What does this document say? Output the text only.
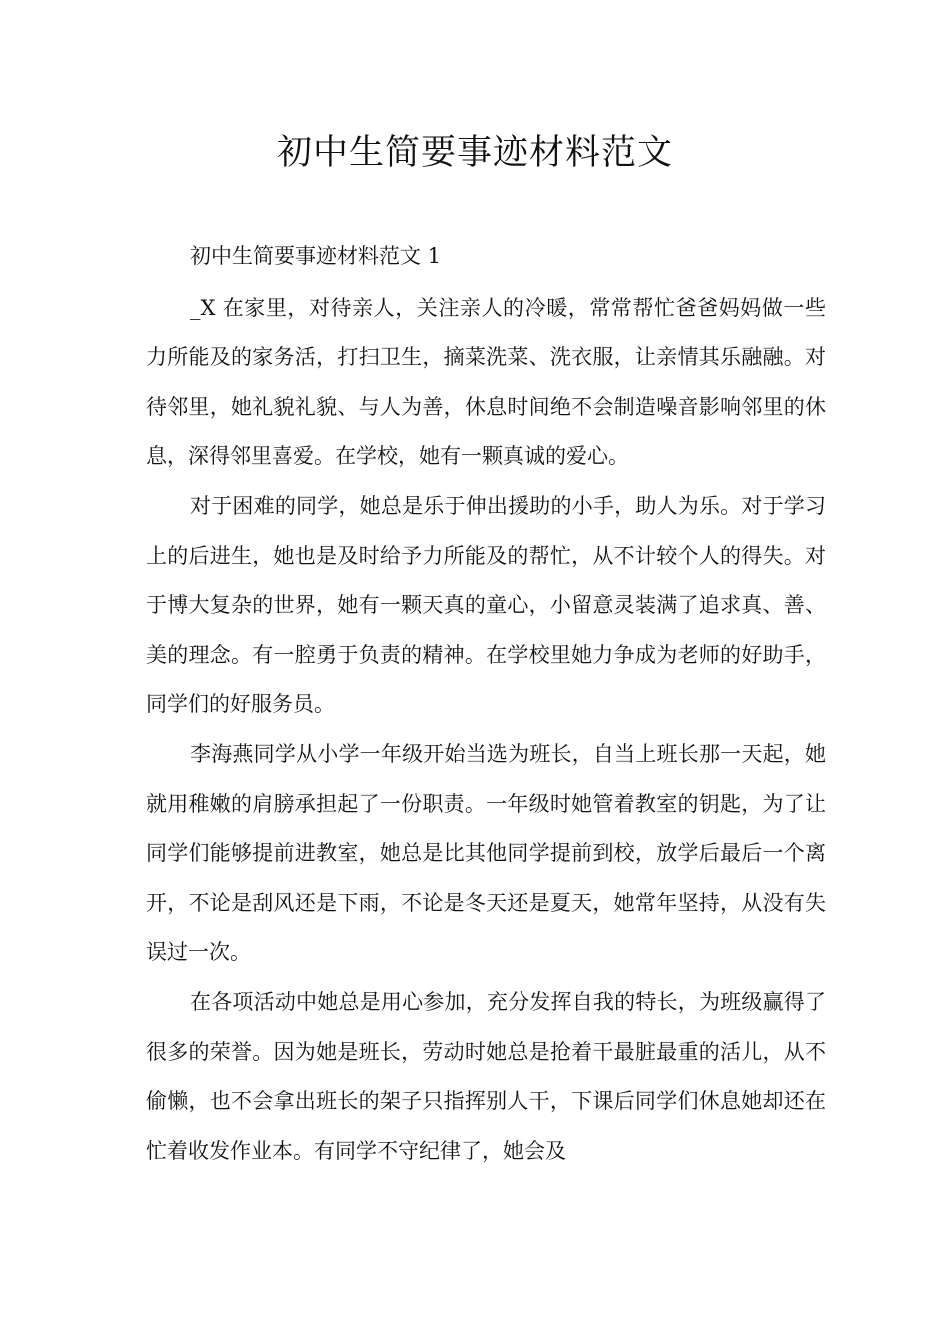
初中生简要事迹材料范文

初中生简要事迹材料范文 1

_X 在家里，对待亲人，关注亲人的冷暖，常常帮忙爸爸妈妈做一些力所能及的家务活，打扫卫生，摘菜洗菜、洗衣服，让亲情其乐融融。对待邻里，她礼貌礼貌、与人为善，休息时间绝不会制造噪音影响邻里的休息，深得邻里喜爱。在学校，她有一颗真诚的爱心。

对于困难的同学，她总是乐于伸出援助的小手，助人为乐。对于学习上的后进生，她也是及时给予力所能及的帮忙，从不计较个人的得失。对于博大复杂的世界，她有一颗天真的童心，小留意灵装满了追求真、善、美的理念。有一腔勇于负责的精神。在学校里她力争成为老师的好助手，同学们的好服务员。

李海燕同学从小学一年级开始当选为班长，自当上班长那一天起，她就用稚嫩的肩膀承担起了一份职责。一年级时她管着教室的钥匙，为了让同学们能够提前进教室，她总是比其他同学提前到校，放学后最后一个离开，不论是刮风还是下雨，不论是冬天还是夏天，她常年坚持，从没有失误过一次。

在各项活动中她总是用心参加，充分发挥自我的特长，为班级赢得了很多的荣誉。因为她是班长，劳动时她总是抢着干最脏最重的活儿，从不偷懒，也不会拿出班长的架子只指挥别人干，下课后同学们休息她却还在忙着收发作业本。有同学不守纪律了，她会及
